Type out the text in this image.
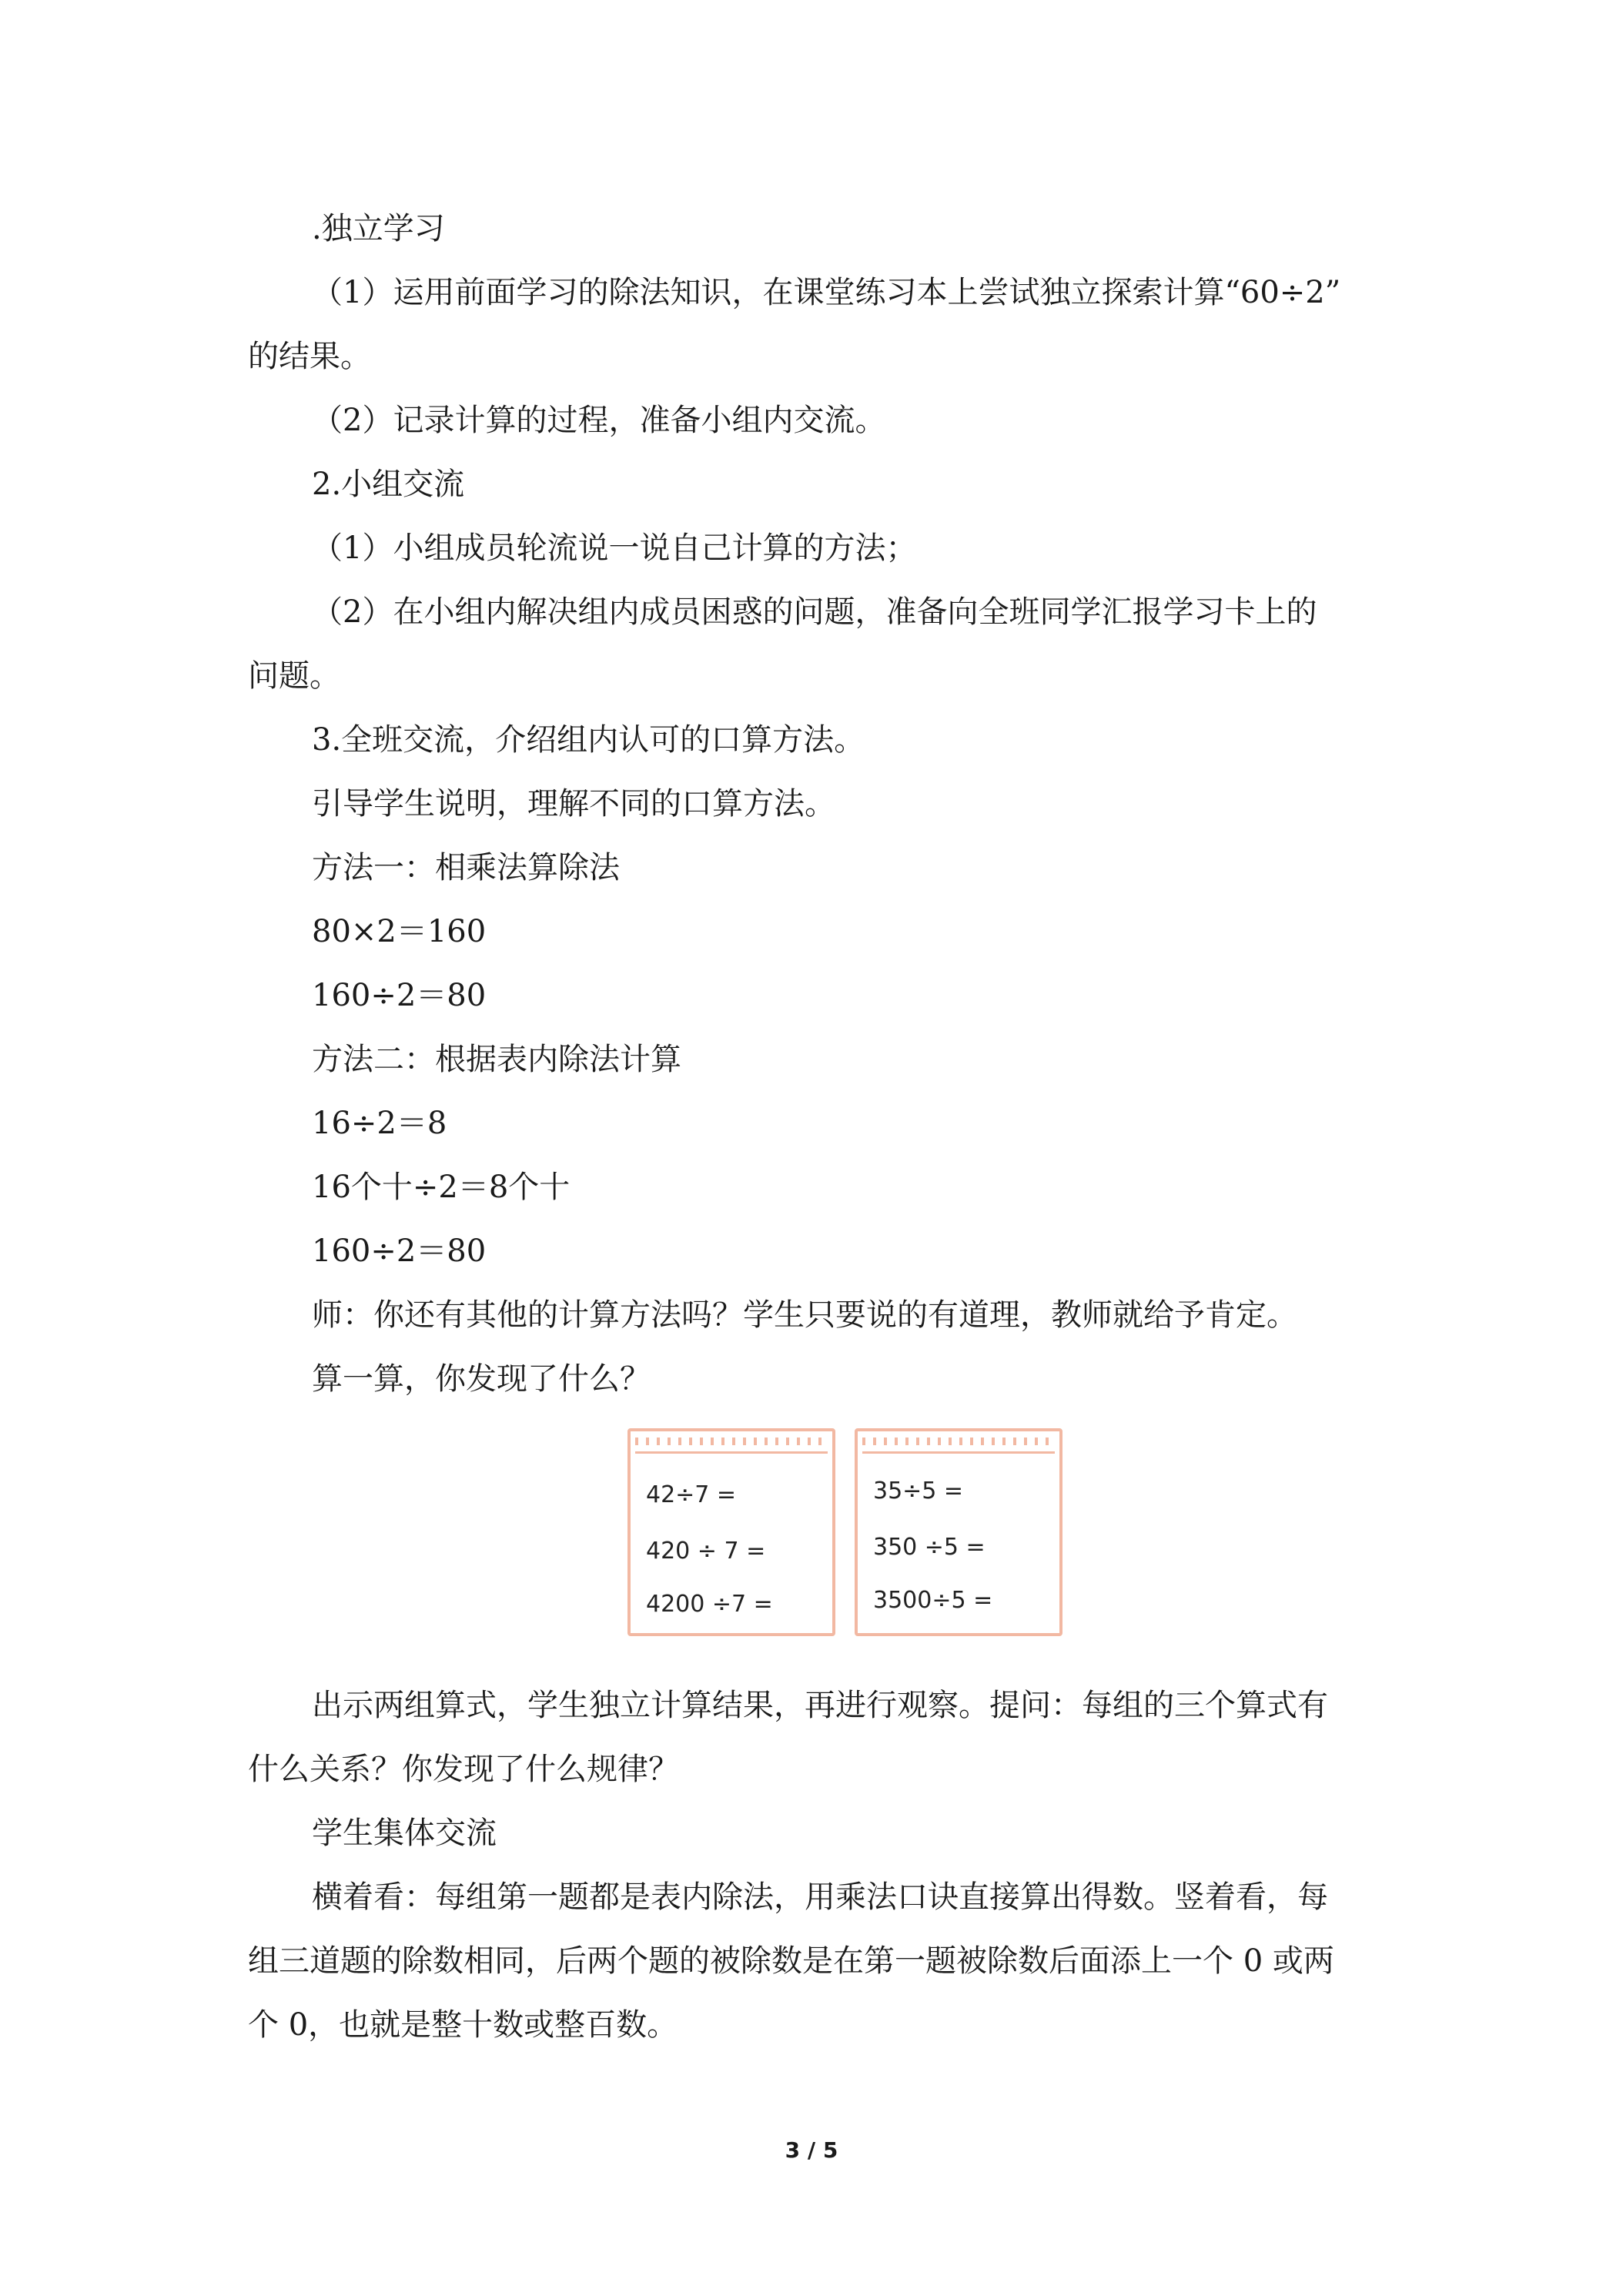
.独立学习
（1）运用前面学习的除法知识，在课堂练习本上尝试独立探索计算“60÷2”
的结果。
（2）记录计算的过程，准备小组内交流。
2.小组交流
（1）小组成员轮流说一说自己计算的方法；
（2）在小组内解决组内成员困惑的问题，准备向全班同学汇报学习卡上的
问题。
3.全班交流，介绍组内认可的口算方法。
引导学生说明，理解不同的口算方法。
方法一：相乘法算除法
80×2＝160
160÷2＝80
方法二：根据表内除法计算
16÷2＝8
16个十÷2＝8个十
160÷2＝80
师：你还有其他的计算方法吗？学生只要说的有道理，教师就给予肯定。
算一算，你发现了什么？
42÷7 =
420 ÷ 7 =
4200 ÷7 =
35÷5 =
350 ÷5 =
3500÷5 =
出示两组算式，学生独立计算结果，再进行观察。提问：每组的三个算式有
什么关系？你发现了什么规律？
学生集体交流
横着看：每组第一题都是表内除法，用乘法口诀直接算出得数。竖着看，每
组三道题的除数相同，后两个题的被除数是在第一题被除数后面添上一个 0 或两
个 0，也就是整十数或整百数。
3 / 5
